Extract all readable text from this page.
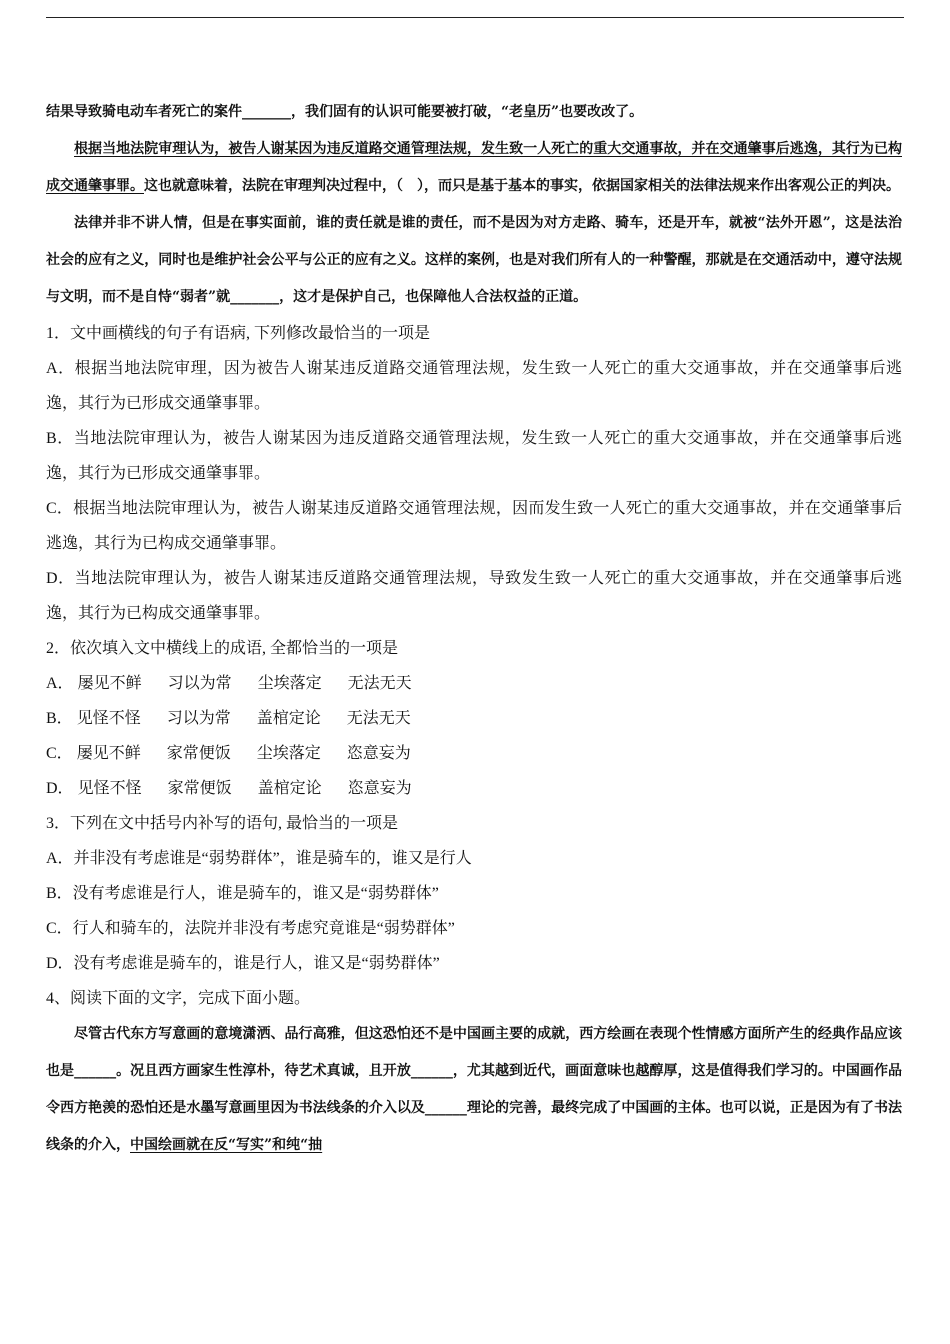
结果导致骑电动车者死亡的案件_______，我们固有的认识可能要被打破，“老皇历”也要改改了。

根据当地法院审理认为，被告人谢某因为违反道路交通管理法规，发生致一人死亡的重大交通事故，并在交通肇事后逃逸，其行为已构成交通肇事罪。这也就意味着，法院在审理判决过程中，（　），而只是基于基本的事实，依据国家相关的法律法规来作出客观公正的判决。

法律并非不讲人情，但是在事实面前，谁的责任就是谁的责任，而不是因为对方走路、骑车，还是开车，就被“法外开恩”，这是法治社会的应有之义，同时也是维护社会公平与公正的应有之义。这样的案例，也是对我们所有人的一种警醒，那就是在交通活动中，遵守法规与文明，而不是自恃“弱者”就_______，这才是保护自己，也保障他人合法权益的正道。

1．文中画横线的句子有语病, 下列修改最恰当的一项是

A．根据当地法院审理，因为被告人谢某违反道路交通管理法规，发生致一人死亡的重大交通事故，并在交通肇事后逃逸，其行为已形成交通肇事罪。

B．当地法院审理认为，被告人谢某因为违反道路交通管理法规，发生致一人死亡的重大交通事故，并在交通肇事后逃逸，其行为已形成交通肇事罪。

C．根据当地法院审理认为，被告人谢某违反道路交通管理法规，因而发生致一人死亡的重大交通事故，并在交通肇事后逃逸，其行为已构成交通肇事罪。

D．当地法院审理认为，被告人谢某违反道路交通管理法规，导致发生致一人死亡的重大交通事故，并在交通肇事后逃逸，其行为已构成交通肇事罪。

2．依次填入文中横线上的成语, 全都恰当的一项是

A． 屡见不鲜 习以为常 尘埃落定 无法无天

B． 见怪不怪 习以为常 盖棺定论 无法无天

C． 屡见不鲜 家常便饭 尘埃落定 恣意妄为

D． 见怪不怪 家常便饭 盖棺定论 恣意妄为

3．下列在文中括号内补写的语句, 最恰当的一项是

A．并非没有考虑谁是“弱势群体”，谁是骑车的，谁又是行人

B．没有考虑谁是行人，谁是骑车的，谁又是“弱势群体”

C．行人和骑车的，法院并非没有考虑究竟谁是“弱势群体”

D．没有考虑谁是骑车的，谁是行人，谁又是“弱势群体”

4、阅读下面的文字，完成下面小题。

尽管古代东方写意画的意境潇洒、品行高雅，但这恐怕还不是中国画主要的成就，西方绘画在表现个性情感方面所产生的经典作品应该也是______。况且西方画家生性淳朴，待艺术真诚，且开放______，尤其越到近代，画面意味也越醇厚，这是值得我们学习的。中国画作品令西方艳羡的恐怕还是水墨写意画里因为书法线条的介入以及______理论的完善，最终完成了中国画的主体。也可以说，正是因为有了书法线条的介入，中国绘画就在反“写实”和纯“抽
